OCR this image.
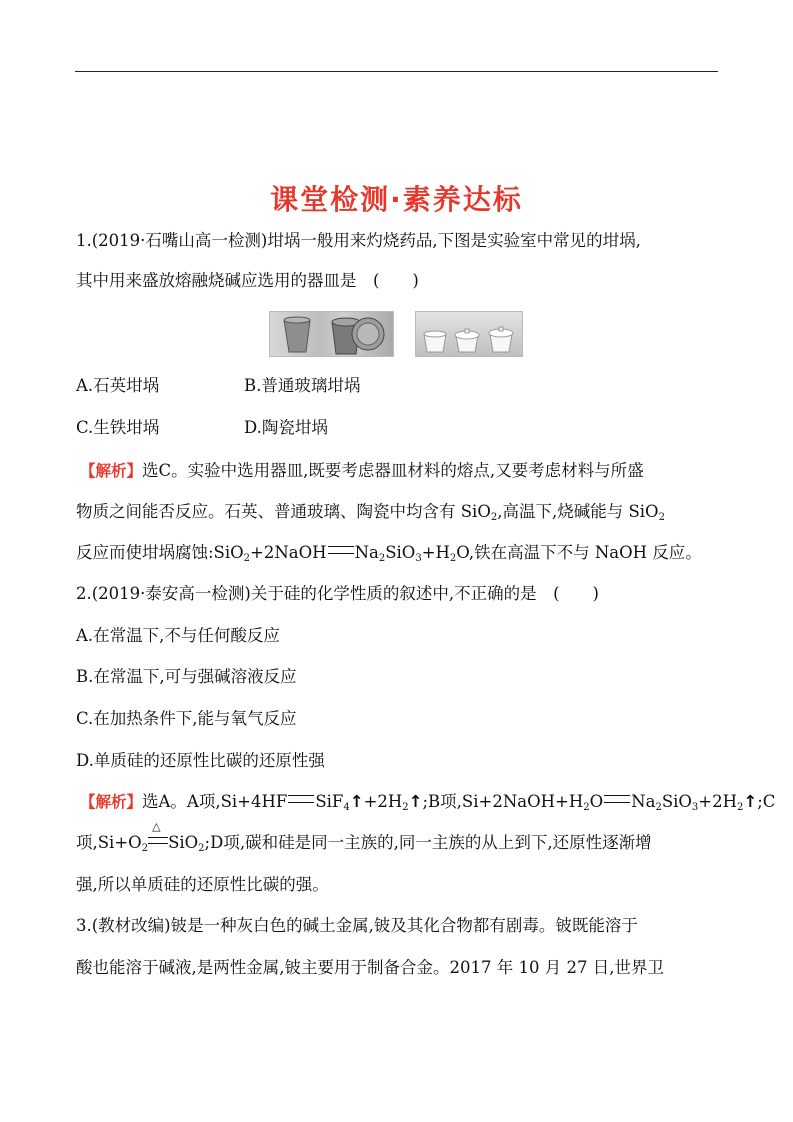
课堂检测·素养达标
1.(2019·石嘴山高一检测)坩埚一般用来灼烧药品,下图是实验室中常见的坩埚,
其中用来盛放熔融烧碱应选用的器皿是　(　　)
A.石英坩埚	B.普通玻璃坩埚
C.生铁坩埚	D.陶瓷坩埚
【解析】选C。实验中选用器皿,既要考虑器皿材料的熔点,又要考虑材料与所盛
物质之间能否反应。石英、普通玻璃、陶瓷中均含有 SiO$_2$,高温下,烧碱能与 SiO$_2$
反应而使坩埚腐蚀:SiO$_2$+2NaOH $Na_2SiO_3+H_2O$,铁在高温下不与 NaOH 反应。
2.(2019·泰安高一检测)关于硅的化学性质的叙述中,不正确的是　(　　)
A.在常温下,不与任何酸反应
B.在常温下,可与强碱溶液反应
C.在加热条件下,能与氧气反应
D.单质硅的还原性比碳的还原性强
【解析】选A。A项,Si+4HF $SiF_4↑+2H_2↑;B$项$,Si+2NaOH+H_2O$ $Na_2SiO_3+2H_2↑;C$
项$,Si+O_2$
△
SiO$_2$;D项,碳和硅是同一主族的,同一主族的从上到下,还原性逐渐增
强,所以单质硅的还原性比碳的强。
3.(教材改编)铍是一种灰白色的碱土金属,铍及其化合物都有剧毒。铍既能溶于
酸也能溶于碱液,是两性金属,铍主要用于制备合金。2017 年 10 月 27 日,世界卫
